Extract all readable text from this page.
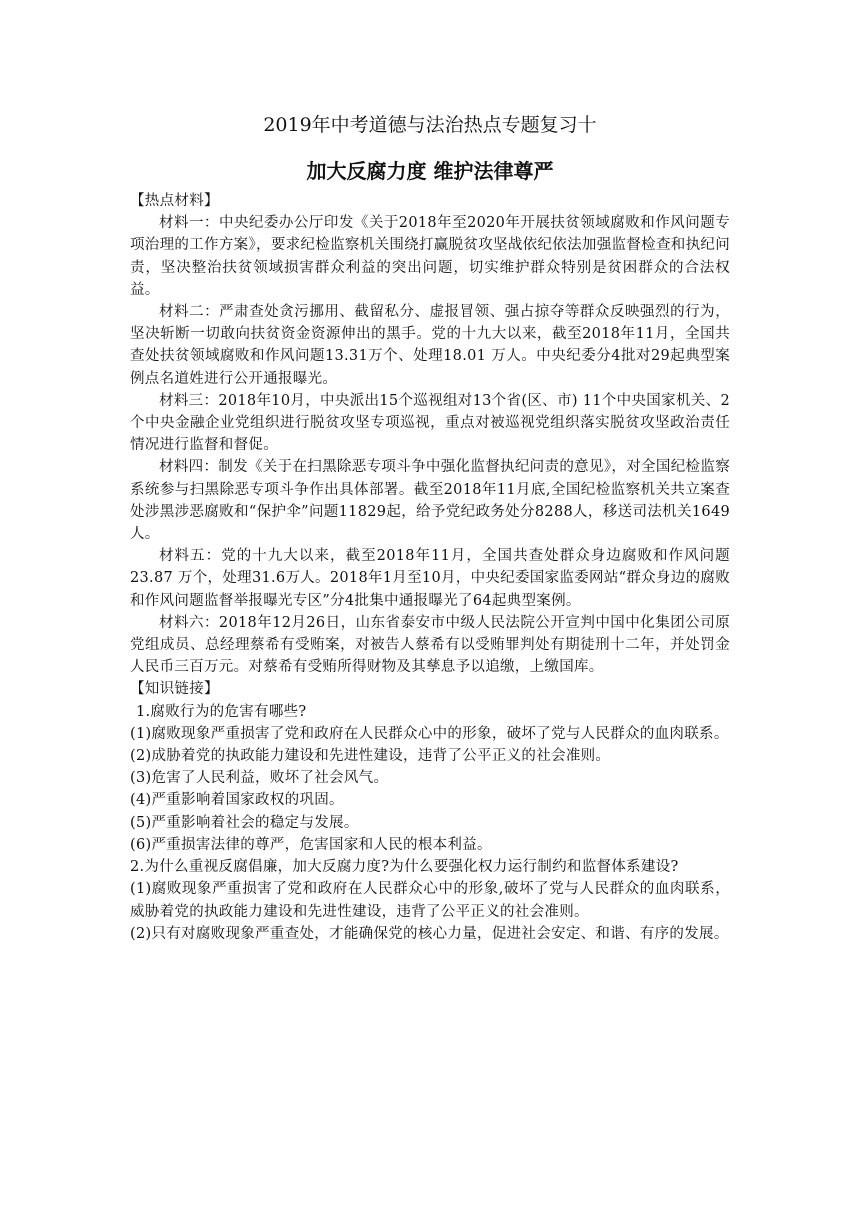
2019年中考道德与法治热点专题复习十
加大反腐力度 维护法律尊严

【热点材料】

材料一：中央纪委办公厅印发《关于2018年至2020年开展扶贫领域腐败和作风问题专项治理的工作方案》，要求纪检监察机关围绕打赢脱贫攻坚战依纪依法加强监督检查和执纪问责，坚决整治扶贫领域损害群众利益的突出问题，切实维护群众特别是贫困群众的合法权益。

材料二：严肃查处贪污挪用、截留私分、虚报冒领、强占掠夺等群众反映强烈的行为，坚决斩断一切敢向扶贫资金资源伸出的黑手。党的十九大以来，截至2018年11月，全国共查处扶贫领域腐败和作风问题13.31万个、处理18.01 万人。中央纪委分4批对29起典型案例点名道姓进行公开通报曝光。

材料三：2018年10月，中央派出15个巡视组对13个省(区、市) 11个中央国家机关、2个中央金融企业党组织进行脱贫攻坚专项巡视，重点对被巡视党组织落实脱贫攻坚政治责任情况进行监督和督促。

材料四：制发《关于在扫黑除恶专项斗争中强化监督执纪问责的意见》，对全国纪检监察系统参与扫黑除恶专项斗争作出具体部署。截至2018年11月底,全国纪检监察机关共立案查处涉黑涉恶腐败和“保护伞”问题11829起，给予党纪政务处分8288人，移送司法机关1649人。

材料五：党的十九大以来，截至2018年11月，全国共查处群众身边腐败和作风问题23.87 万个，处理31.6万人。2018年1月至10月，中央纪委国家监委网站“群众身边的腐败和作风问题监督举报曝光专区”分4批集中通报曝光了64起典型案例。

材料六：2018年12月26日，山东省泰安市中级人民法院公开宣判中国中化集团公司原党组成员、总经理蔡希有受贿案，对被告人蔡希有以受贿罪判处有期徒刑十二年，并处罚金人民币三百万元。对蔡希有受贿所得财物及其孳息予以追缴，上缴国库。

【知识链接】

1.腐败行为的危害有哪些?

(1)腐败现象严重损害了党和政府在人民群众心中的形象，破坏了党与人民群众的血肉联系。

(2)成胁着党的执政能力建设和先进性建设，违背了公平正义的社会准则。

(3)危害了人民利益，败坏了社会风气。

(4)严重影响着国家政权的巩固。

(5)严重影响着社会的稳定与发展。

(6)严重损害法律的尊严，危害国家和人民的根本利益。

2.为什么重视反腐倡廉，加大反腐力度?为什么要强化权力运行制约和监督体系建设?

(1)腐败现象严重损害了党和政府在人民群众心中的形象,破坏了党与人民群众的血肉联系，威胁着党的执政能力建设和先进性建设，违背了公平正义的社会准则。

(2)只有对腐败现象严重查处，才能确保党的核心力量，促进社会安定、和谐、有序的发展。
